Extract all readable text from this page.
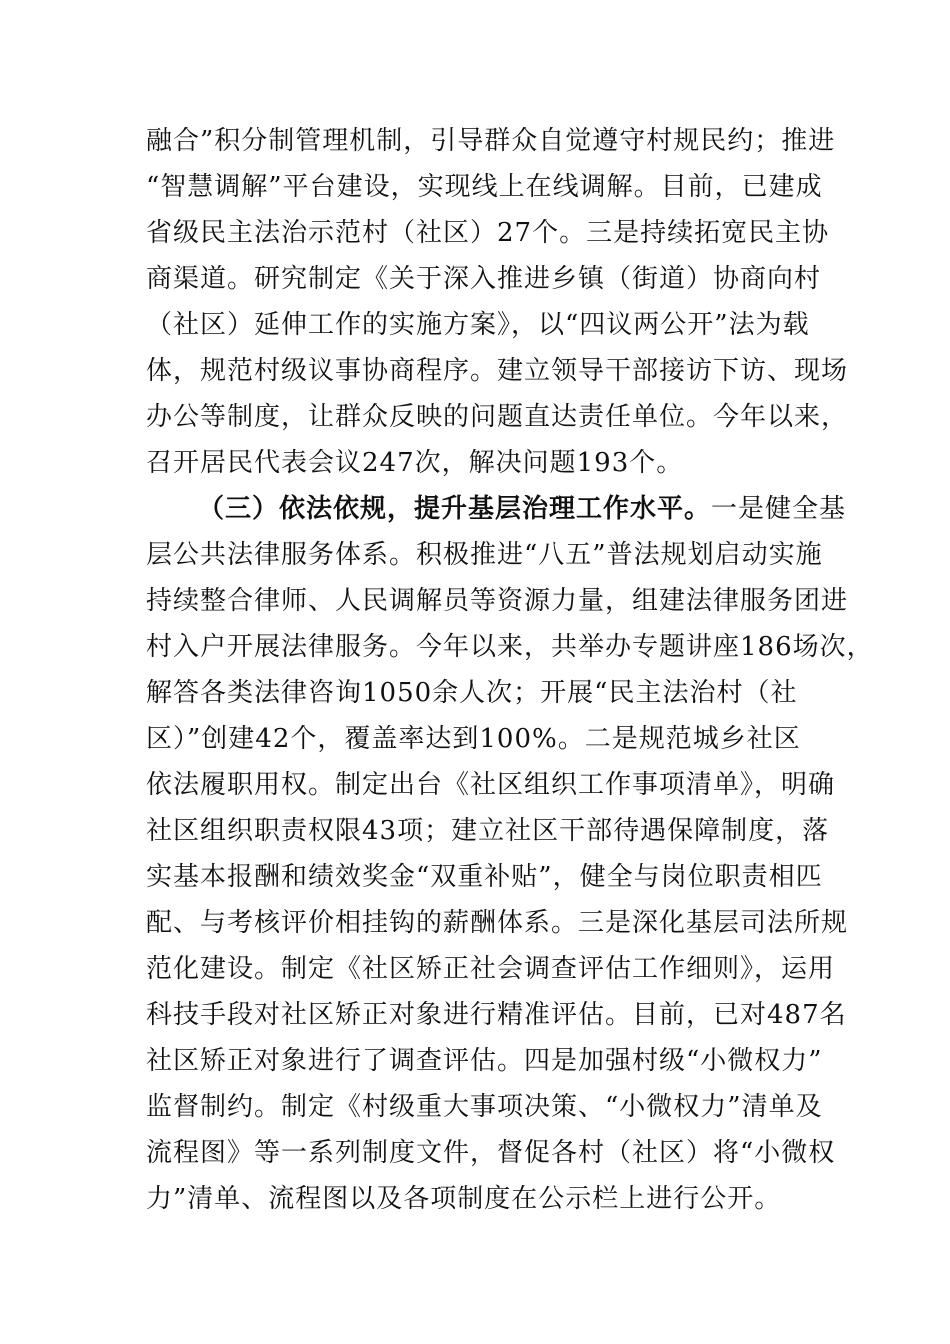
融合”积分制管理机制，引导群众自觉遵守村规民约；推进
“智慧调解”平台建设，实现线上在线调解。目前，已建成
省级民主法治示范村（社区）27个。三是持续拓宽民主协
商渠道。研究制定《关于深入推进乡镇（街道）协商向村
（社区）延伸工作的实施方案》，以“四议两公开”法为载
体，规范村级议事协商程序。建立领导干部接访下访、现场
办公等制度，让群众反映的问题直达责任单位。今年以来，
召开居民代表会议247次，解决问题193个。
（三）依法依规，提升基层治理工作水平。一是健全基
层公共法律服务体系。积极推进“八五”普法规划启动实施
持续整合律师、人民调解员等资源力量，组建法律服务团进
村入户开展法律服务。今年以来，共举办专题讲座186场次，
解答各类法律咨询1050余人次；开展“民主法治村（社
区）”创建42个，覆盖率达到100%。二是规范城乡社区
依法履职用权。制定出台《社区组织工作事项清单》，明确
社区组织职责权限43项；建立社区干部待遇保障制度，落
实基本报酬和绩效奖金“双重补贴”，健全与岗位职责相匹
配、与考核评价相挂钩的薪酬体系。三是深化基层司法所规
范化建设。制定《社区矫正社会调查评估工作细则》，运用
科技手段对社区矫正对象进行精准评估。目前，已对487名
社区矫正对象进行了调查评估。四是加强村级“小微权力”
监督制约。制定《村级重大事项决策、“小微权力”清单及
流程图》等一系列制度文件，督促各村（社区）将“小微权
力”清单、流程图以及各项制度在公示栏上进行公开。
